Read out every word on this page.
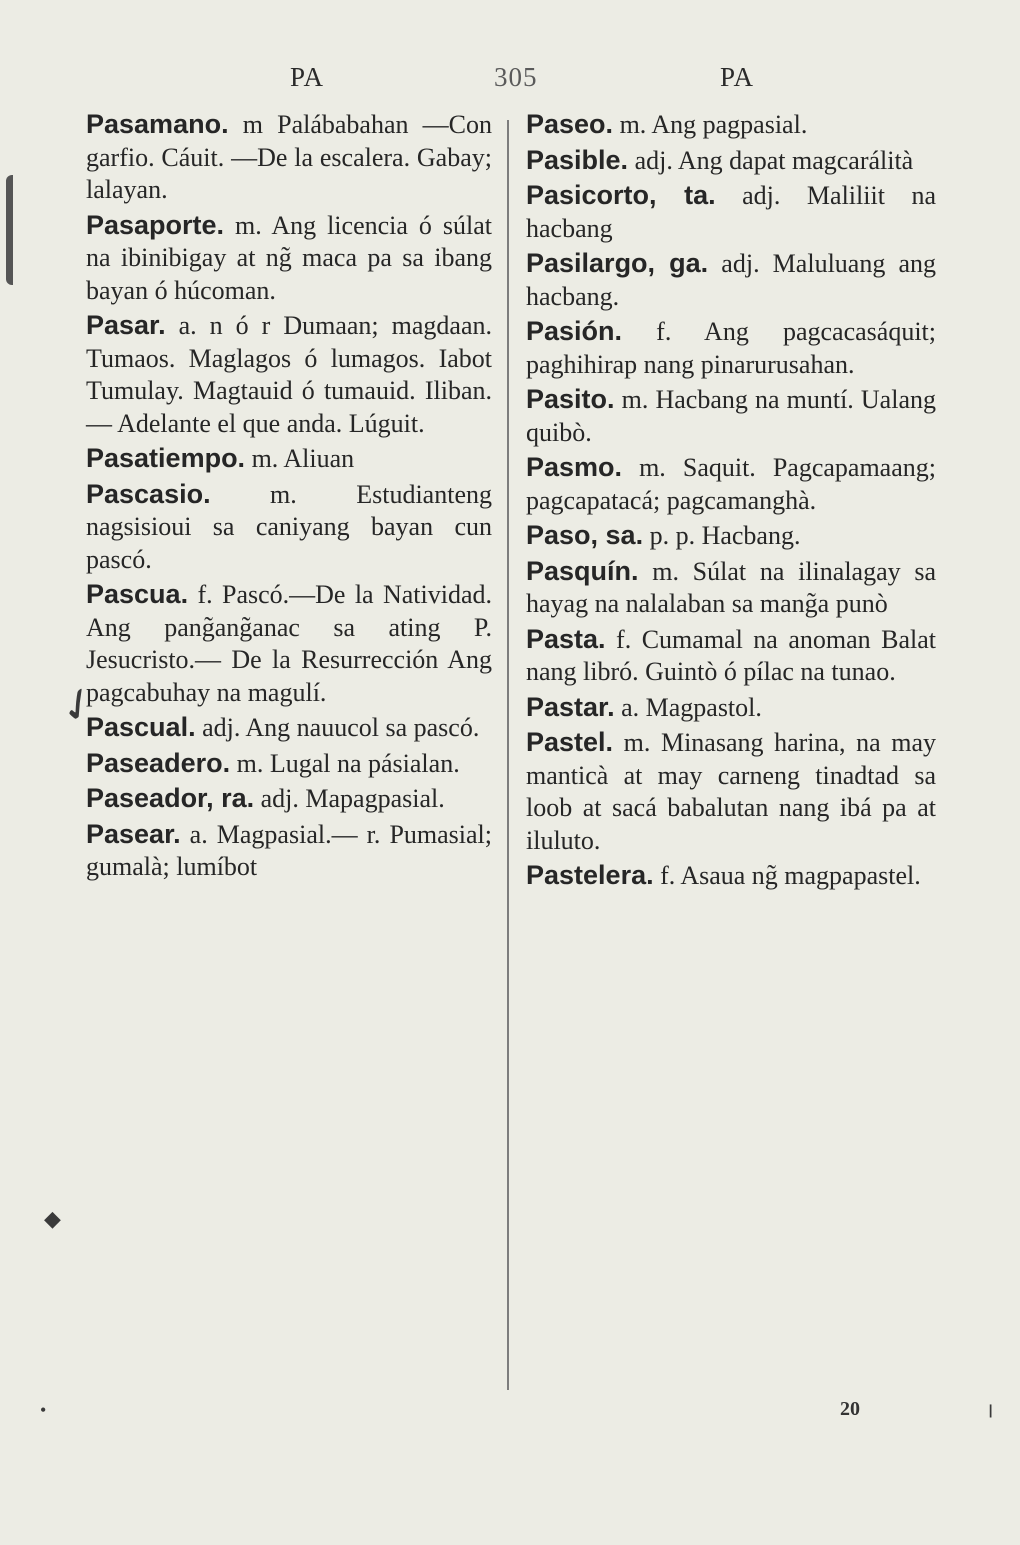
PA	305	PA
Pasamano. m Palábabahan —Con garfio. Cáuit. —De la escalera. Gabay; lalayan.
Pasaporte. m. Ang licencia ó súlat na ibinibigay at ng̃ maca pa sa ibang bayan ó húcoman.
Pasar. a. n ó r Dumaan; magdaan. Tumaos. Maglagos ó lumagos. Iabot Tumulay. Magtauid ó tumauid. Iliban. — Adelante el que anda. Lúguit.
Pasatiempo. m. Aliuan
Pascasio. m. Estudianteng nagsisioui sa caniyang bayan cun pascó.
Pascua. f. Pascó.—De la Natividad. Ang pang̃ang̃anac sa ating P. Jesucristo.— De la Resurrección Ang pagcabuhay na magulí.
Pascual. adj. Ang nauucol sa pascó.
Paseadero. m. Lugal na pásialan.
Paseador, ra. adj. Mapagpasial.
Pasear. a. Magpasial.— r. Pumasial; gumalà; lumíbot
Paseo. m. Ang pagpasial.
Pasible. adj. Ang dapat magcarálità
Pasicorto, ta. adj. Maliliit na hacbang
Pasilargo, ga. adj. Maluluang ang hacbang.
Pasión. f. Ang pagcacasáquit; paghihirap nang pinarurusahan.
Pasito. m. Hacbang na muntí. Ualang quibò.
Pasmo. m. Saquit. Pagcapamaang; pagcapatacá; pagcamanghà.
Paso, sa. p. p. Hacbang.
Pasquín. m. Súlat na ilinalagay sa hayag na nalalaban sa mang̃a punò
Pasta. f. Cumamal na anoman Balat nang libró. Guintò ó pílac na tunao.
Pastar. a. Magpastol.
Pastel. m. Minasang harina, na may manticà at may carneng tinadtad sa loob at sacá babalutan nang ibá pa at iluluto.
Pastelera. f. Asaua ng̃ magpapastel.
20
✓
◆
•	╷
